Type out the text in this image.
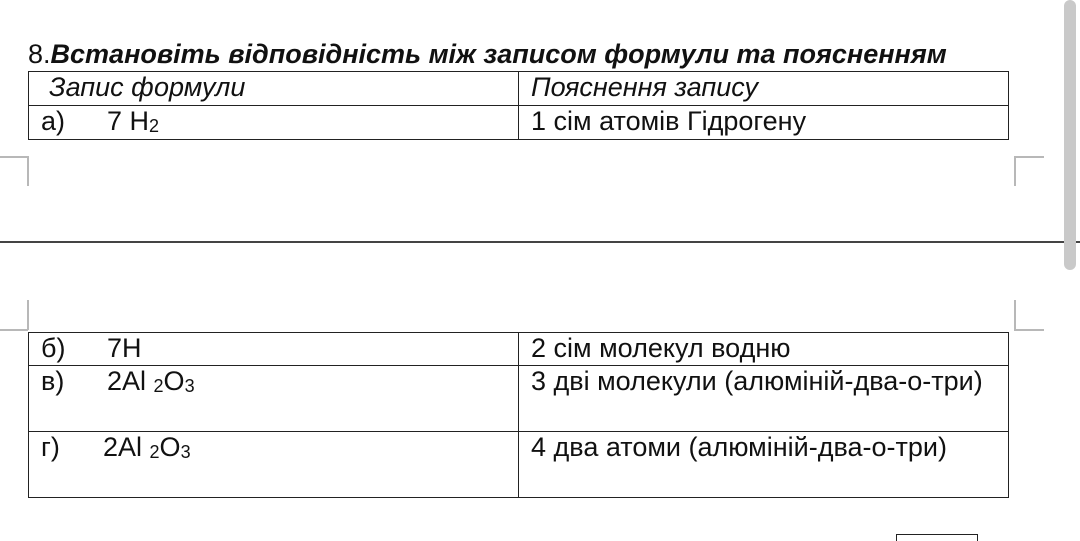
8.Встановіть відповідність між записом формули та поясненням
Запис формули	Пояснення запису
а) 7 $H_2$	1 сім атомів Гідрогену
б) 7H	2 сім молекул водню
в) 2Al $_2O_3$	3 дві молекули (алюміній-два-о-три)
г) 2Al $_2O_3$	4 два атоми (алюміній-два-о-три)
